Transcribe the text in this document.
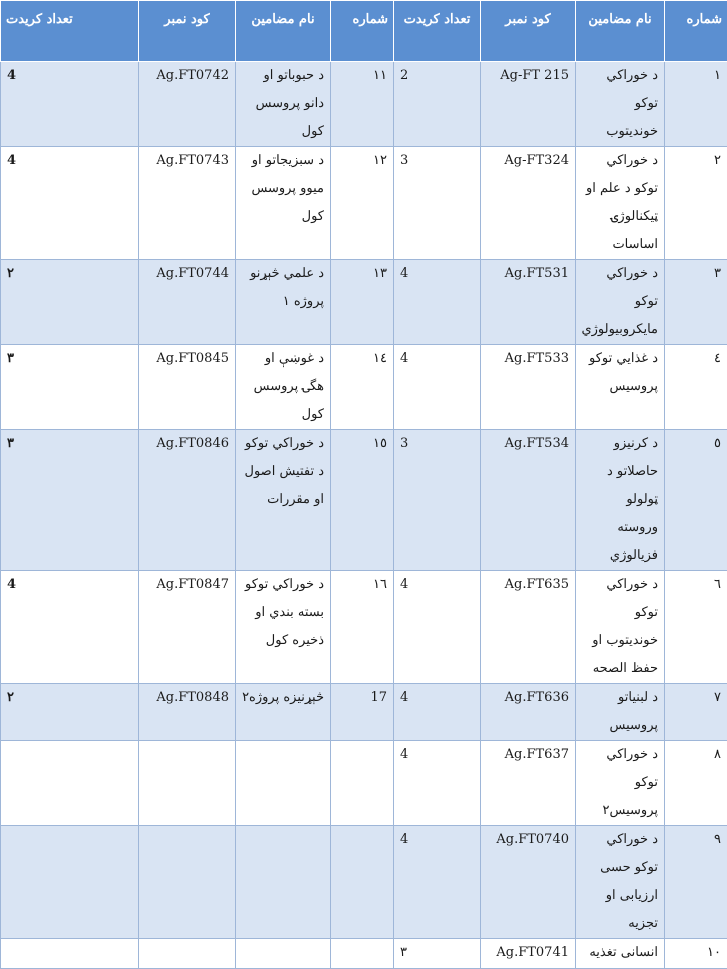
شماره	نام مضامین	کود نمبر	تعداد کریدت	شماره	نام مضامین	کود نمبر	تعداد کریدت
١	د خوراکي توکو خونديتوب	Ag-FT 215	2	١١	د حبوباتو او دانو پروسس کول	Ag.FT0742	4
٢	د خوراکي توکو د علم او ټيکنالوژۍ اساسات	Ag-FT324	3	١٢	د سبزيجاتو او ميوو پروسس کول	Ag.FT0743	4
٣	د خوراکي توکو مايکروبيولوژي	Ag.FT531	4	١٣	د علمي څېړنو پروژه ١	Ag.FT0744	٢
٤	د غذايي توکو پروسيس	Ag.FT533	4	١٤	د غوښې او هگۍ پروسس کول	Ag.FT0845	٣
٥	د کرنيزو حاصلاتو د ټولولو وروسته فزيالوژي	Ag.FT534	3	١٥	د خوراکي توکو د تفتيش اصول او مقررات	Ag.FT0846	٣
٦	د خوراکي توکو خونديتوب او حفظ الصحه	Ag.FT635	4	١٦	د خوراکي توکو بسته بندي او ذخيره کول	Ag.FT0847	4
٧	د لبنياتو پروسيس	Ag.FT636	4	17	څېړنيزه پروژه٢	Ag.FT0848	٢
٨	د خوراکي توکو پروسيس٢	Ag.FT637	4				
٩	د خوراکي توکو حسی ارزيابی او تجزيه	Ag.FT0740	4				
١٠	انسانی تغذيه	Ag.FT0741	٣				
